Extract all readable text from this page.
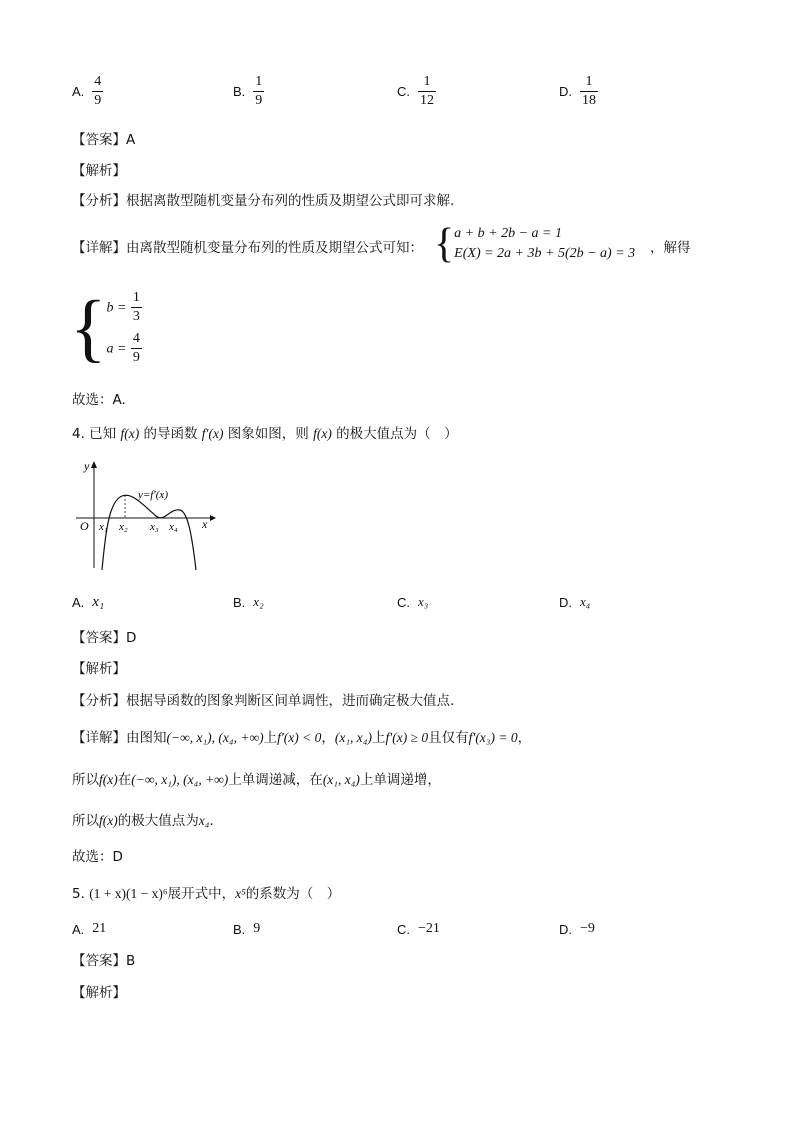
A. $\frac{4}{9}$	B. $\frac{1}{9}$	C. $\frac{1}{12}$	D. $\frac{1}{18}$
【答案】A
【解析】
【分析】根据离散型随机变量分布列的性质及期望公式即可求解.
【详解】由离散型随机变量分布列的性质及期望公式可知： { a + b + 2b − a = 1
E(X) = 2a + 3b + 5(2b − a) = 3 ，解得
{ $b = \frac{1}{3}$
$a = \frac{4}{9}$
故选：A.
4. 已知 f(x) 的导函数 f′(x) 图象如图，则 f(x) 的极大值点为（　）
y
x
O
y=f′(x)
x₁ x₂ x₃ x₄
A. x₁	B. x₂	C. x₃	D. x₄
【答案】D
【解析】
【分析】根据导函数的图象判断区间单调性，进而确定极大值点.
【详解】由图知(−∞, x₁), (x₄, +∞)上f′(x) < 0，(x₁, x₄)上f′(x) ≥ 0且仅有f′(x₃) = 0，
所以f(x)在(−∞, x₁), (x₄, +∞)上单调递减，在(x₁, x₄)上单调递增，
所以f(x)的极大值点为x₄.
故选：D
5. (1 + x)(1 − x)⁶展开式中，x⁵的系数为（　）
A. 21	B. 9	C. −21	D. −9
【答案】B
【解析】
